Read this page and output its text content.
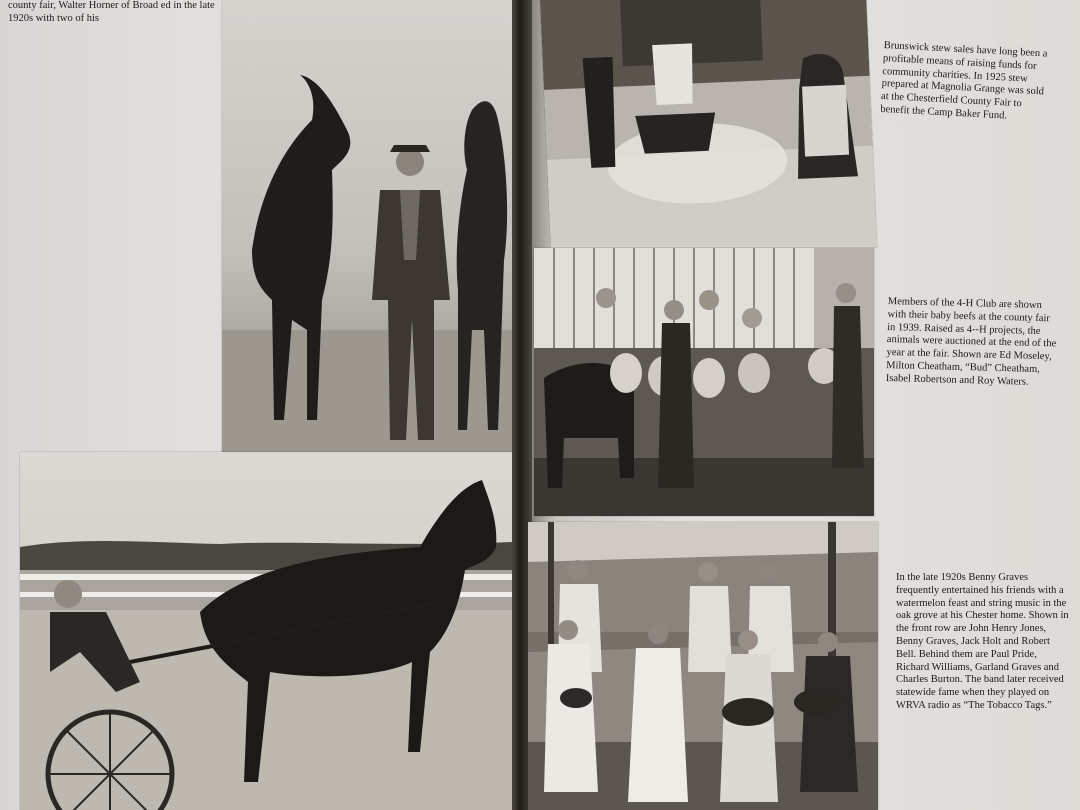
county fair, Walter Horner of Broad ed in the late 1920s with two of his
Brunswick stew sales have long been a profitable means of raising funds for community charities. In 1925 stew prepared at Magnolia Grange was sold at the Chesterfield County Fair to benefit the Camp Baker Fund.
Members of the 4-H Club are shown with their baby beefs at the county fair in 1939. Raised as 4--H projects, the animals were auctioned at the end of the year at the fair. Shown are Ed Moseley, Milton Cheatham, “Bud” Cheatham, Isabel Robertson and Roy Waters.
In the late 1920s Benny Graves frequently entertained his friends with a watermelon feast and string music in the oak grove at his Chester home. Shown in the front row are John Henry Jones, Benny Graves, Jack Holt and Robert Bell. Behind them are Paul Pride, Richard Williams, Garland Graves and Charles Burton. The band later received statewide fame when they played on WRVA radio as “The Tobacco Tags.”
